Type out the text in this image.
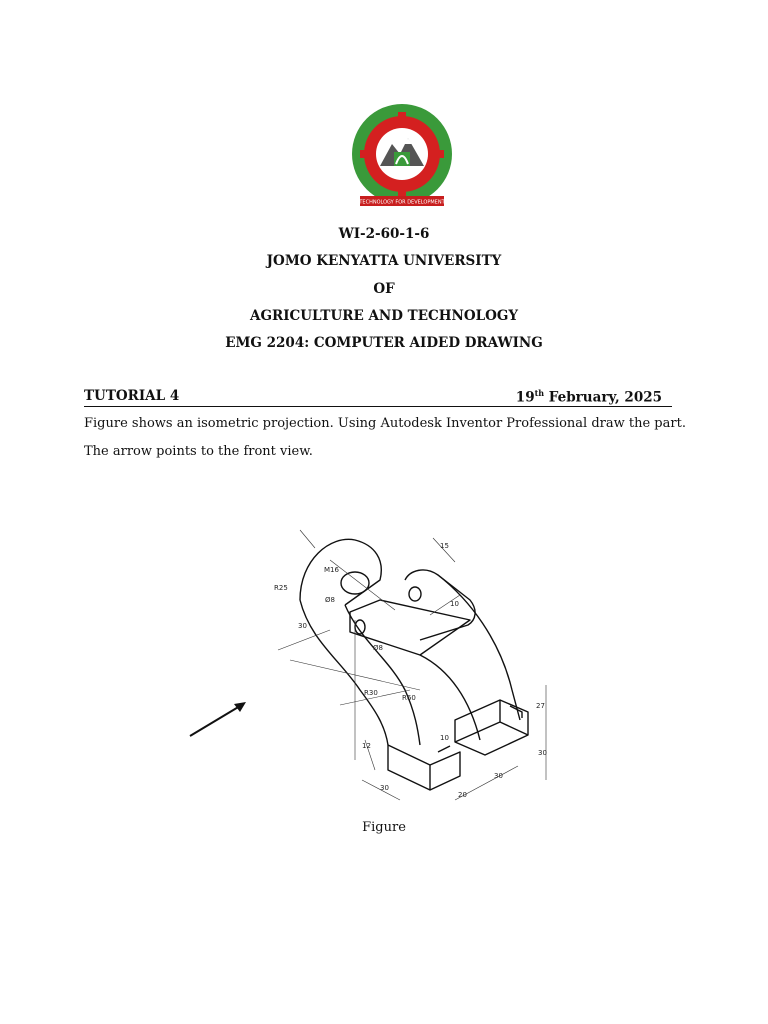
TECHNOLOGY FOR DEVELOPMENT
WI-2-60-1-6
JOMO KENYATTA UNIVERSITY
OF
AGRICULTURE AND TECHNOLOGY
EMG 2204: COMPUTER AIDED DRAWING
TUTORIAL 4	19th February, 2025
Figure shows an isometric projection. Using Autodesk Inventor Professional draw the part. The arrow points to the front view.
15
M16
R25
Ø8
Ø8
30
10
R30
R60
27
12
10
30
30
20
30
Figure
